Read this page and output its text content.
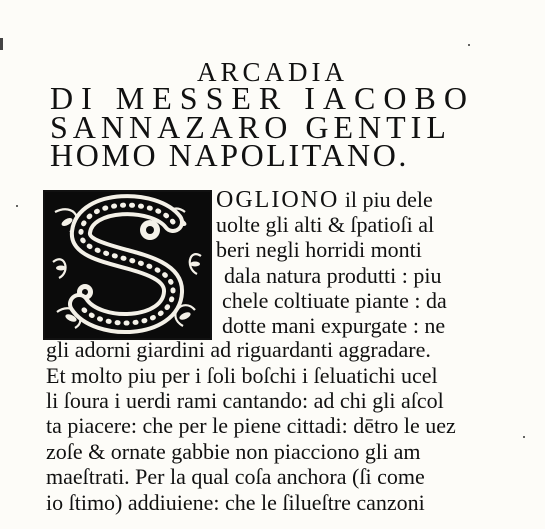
ARCADIA
DI MESSER IACOBO
SANNAZARO GENTIL
HOMO NAPOLITANO.
OGLIONO il piu dele
uolte gli alti & ſpatioſi al
beri negli horridi monti
dala natura produtti : piu
chele coltiuate piante : da
dotte mani expurgate : ne
gli adorni giardini ad riguardanti aggradare.
Et molto piu per i ſoli boſchi i ſeluatichi ucel
li ſoura i uerdi rami cantando: ad chi gli aſcol
ta piacere: che per le piene cittadi: dētro le uez
zoſe & ornate gabbie non piacciono gli am
maeſtrati. Per la qual coſa anchora (ſi come
io ſtimo) addiuiene: che le ſilueſtre canzoni
